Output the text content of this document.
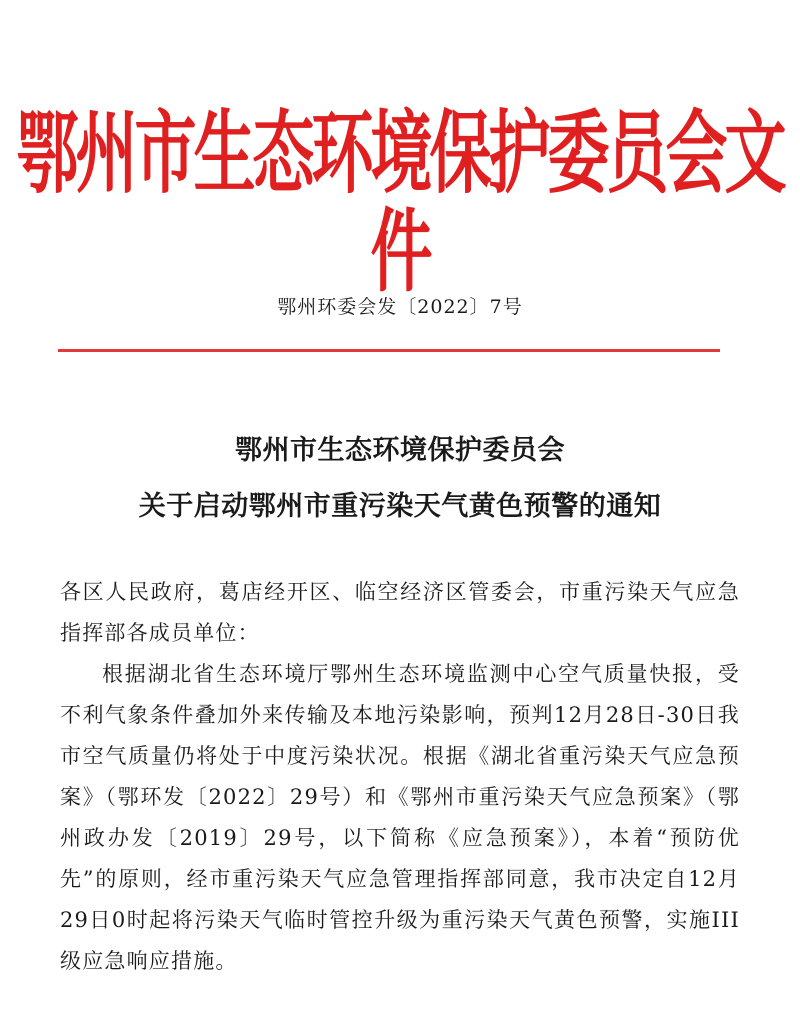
鄂州市生态环境保护委员会文件
鄂州环委会发〔2022〕7号
鄂州市生态环境保护委员会
关于启动鄂州市重污染天气黄色预警的通知

各区人民政府，葛店经开区、临空经济区管委会，市重污染天气应急指挥部各成员单位：

根据湖北省生态环境厅鄂州生态环境监测中心空气质量快报，受不利气象条件叠加外来传输及本地污染影响，预判12月28日-30日我市空气质量仍将处于中度污染状况。根据《湖北省重污染天气应急预案》（鄂环发〔2022〕29号）和《鄂州市重污染天气应急预案》（鄂州政办发〔2019〕29号，以下简称《应急预案》），本着“预防优先”的原则，经市重污染天气应急管理指挥部同意，我市决定自12月29日0时起将污染天气临时管控升级为重污染天气黄色预警，实施III级应急响应措施。
